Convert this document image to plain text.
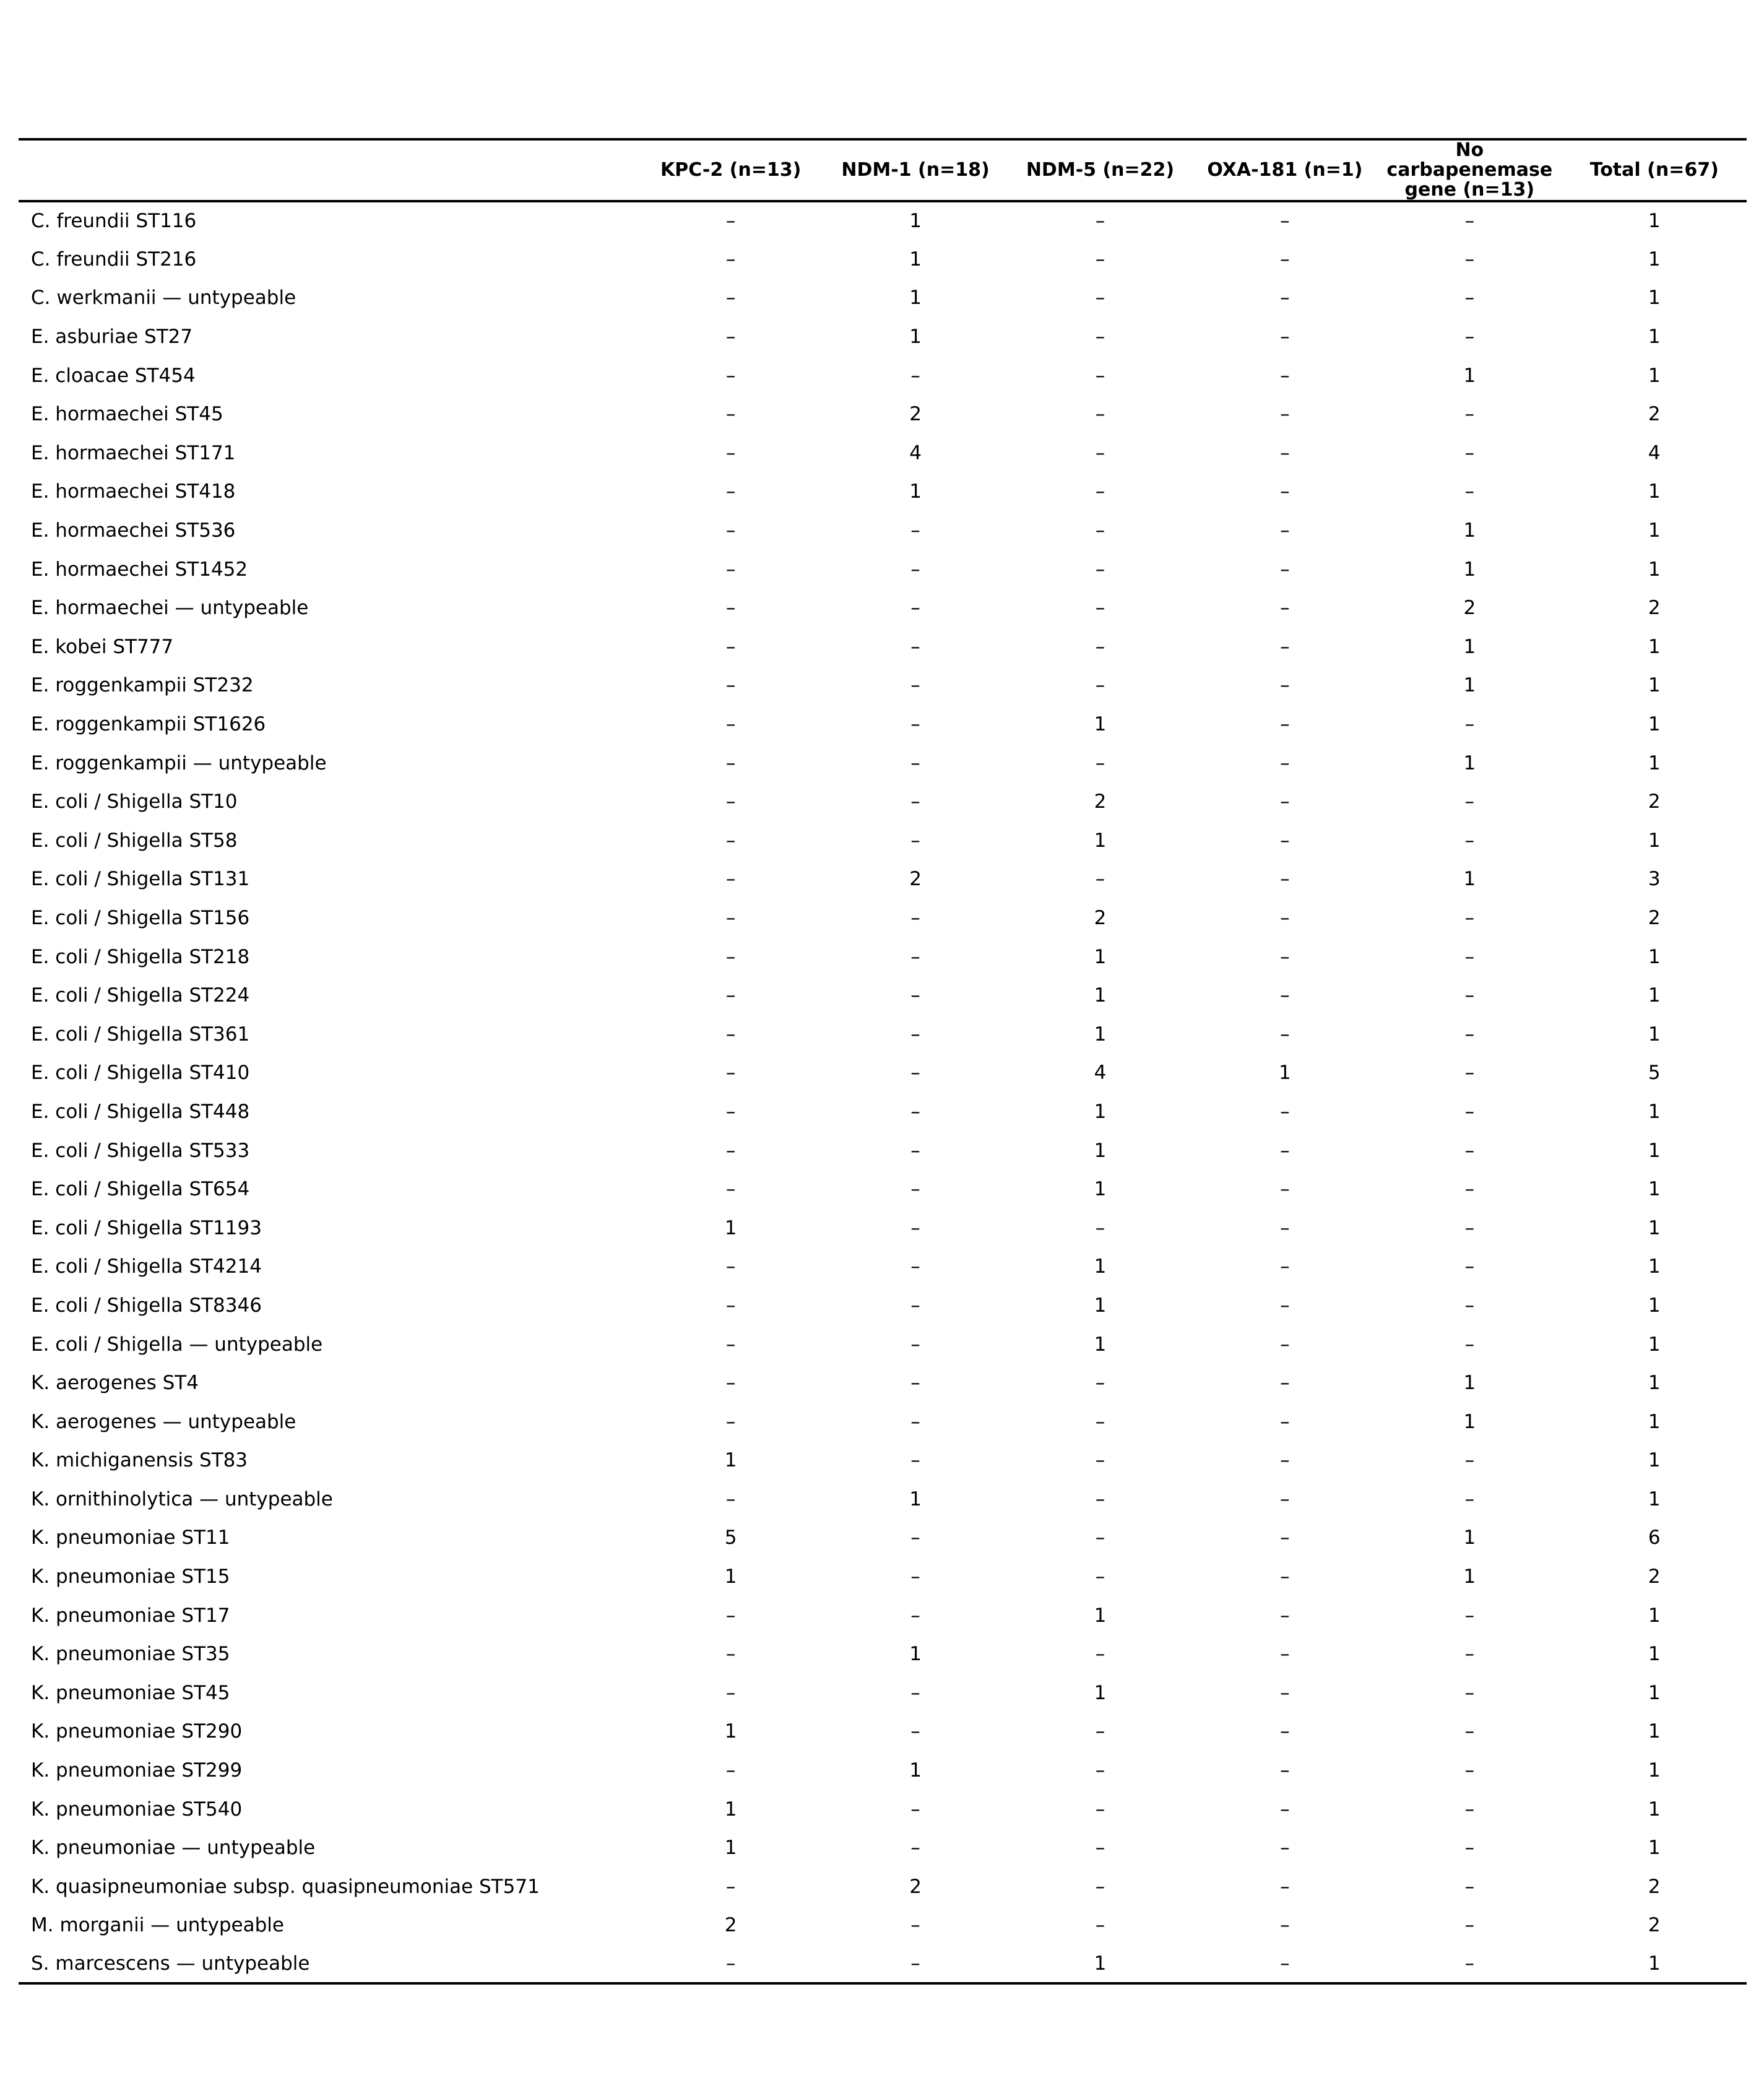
	KPC-2 (n=13)	NDM-1 (n=18)	NDM-5 (n=22)	OXA-181 (n=1)	No carbapenemase gene (n=13)	Total (n=67)
C. freundii ST116	–	1	–	–	–	1
C. freundii ST216	–	1	–	–	–	1
C. werkmanii — untypeable	–	1	–	–	–	1
E. asburiae ST27	–	1	–	–	–	1
E. cloacae ST454	–	–	–	–	1	1
E. hormaechei ST45	–	2	–	–	–	2
E. hormaechei ST171	–	4	–	–	–	4
E. hormaechei ST418	–	1	–	–	–	1
E. hormaechei ST536	–	–	–	–	1	1
E. hormaechei ST1452	–	–	–	–	1	1
E. hormaechei — untypeable	–	–	–	–	2	2
E. kobei ST777	–	–	–	–	1	1
E. roggenkampii ST232	–	–	–	–	1	1
E. roggenkampii ST1626	–	–	1	–	–	1
E. roggenkampii — untypeable	–	–	–	–	1	1
E. coli / Shigella ST10	–	–	2	–	–	2
E. coli / Shigella ST58	–	–	1	–	–	1
E. coli / Shigella ST131	–	2	–	–	1	3
E. coli / Shigella ST156	–	–	2	–	–	2
E. coli / Shigella ST218	–	–	1	–	–	1
E. coli / Shigella ST224	–	–	1	–	–	1
E. coli / Shigella ST361	–	–	1	–	–	1
E. coli / Shigella ST410	–	–	4	1	–	5
E. coli / Shigella ST448	–	–	1	–	–	1
E. coli / Shigella ST533	–	–	1	–	–	1
E. coli / Shigella ST654	–	–	1	–	–	1
E. coli / Shigella ST1193	1	–	–	–	–	1
E. coli / Shigella ST4214	–	–	1	–	–	1
E. coli / Shigella ST8346	–	–	1	–	–	1
E. coli / Shigella — untypeable	–	–	1	–	–	1
K. aerogenes ST4	–	–	–	–	1	1
K. aerogenes — untypeable	–	–	–	–	1	1
K. michiganensis ST83	1	–	–	–	–	1
K. ornithinolytica — untypeable	–	1	–	–	–	1
K. pneumoniae ST11	5	–	–	–	1	6
K. pneumoniae ST15	1	–	–	–	1	2
K. pneumoniae ST17	–	–	1	–	–	1
K. pneumoniae ST35	–	1	–	–	–	1
K. pneumoniae ST45	–	–	1	–	–	1
K. pneumoniae ST290	1	–	–	–	–	1
K. pneumoniae ST299	–	1	–	–	–	1
K. pneumoniae ST540	1	–	–	–	–	1
K. pneumoniae — untypeable	1	–	–	–	–	1
K. quasipneumoniae subsp. quasipneumoniae ST571	–	2	–	–	–	2
M. morganii — untypeable	2	–	–	–	–	2
S. marcescens — untypeable	–	–	1	–	–	1
